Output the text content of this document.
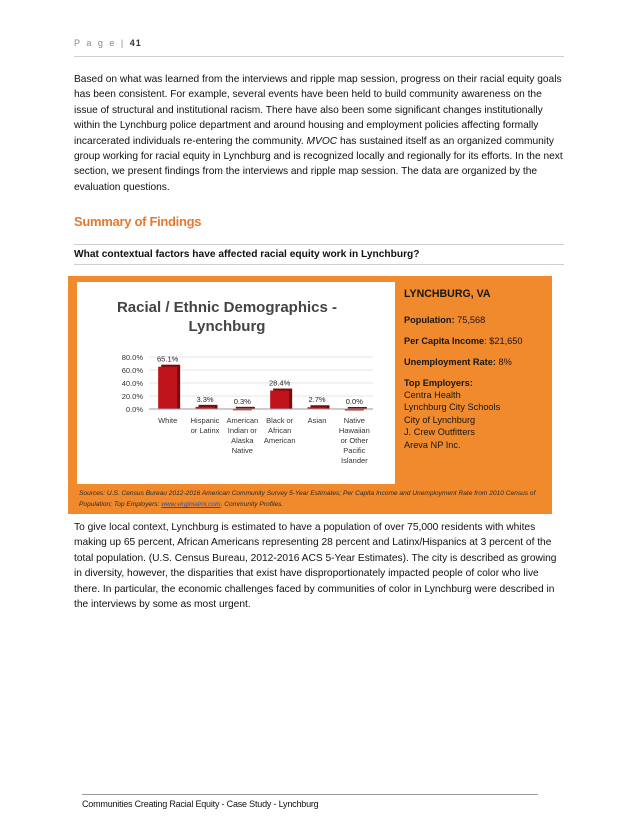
P a g e | 41

Based on what was learned from the interviews and ripple map session, progress on their racial equity goals has been consistent. For example, several events have been held to build community awareness on the issue of structural and institutional racism. There have also been some significant changes institutionally within the Lynchburg police department and around housing and employment policies affecting formally incarcerated individuals re-entering the community. MVOC has sustained itself as an organized community group working for racial equity in Lynchburg and is recognized locally and regionally for its efforts. In the next section, we present findings from the interviews and ripple map session. The data are organized by the evaluation questions.

Summary of Findings

What contextual factors have affected racial equity work in Lynchburg?

Racial / Ethnic Demographics -
Lynchburg
0.0%
20.0%
40.0%
60.0%
80.0% 65.1%
White
3.3%
Hispanic
or Latinx
0.3%
American
Indian or
Alaska
Native
28.4%
Black or
African
American
2.7%
Asian
0.0%
Native
Hawaiian
or Other
Pacific
Islander
LYNCHBURG, VA
Population: 75,568
Per Capita Income: $21,650
Unemployment Rate: 8%
Top Employers:
Centra Health
Lynchburg City Schools
City of Lynchburg
J. Crew Outfitters
Areva NP Inc.
Sources: U.S. Census Bureau 2012-2016 American Community Survey 5-Year Estimates; Per Capita Income and Unemployment Rate from 2010 Census of Population; Top Employers: www.virginialmi.com. Community Profiles.

To give local context, Lynchburg is estimated to have a population of over 75,000 residents with whites making up 65 percent, African Americans representing 28 percent and Latinx/Hispanics at 3 percent of the total population. (U.S. Census Bureau, 2012-2016 ACS 5-Year Estimates). The city is described as growing in diversity, however, the disparities that exist have disproportionately impacted people of color who live there. In particular, the economic challenges faced by communities of color in Lynchburg were described in the interviews by some as most urgent.

Communities Creating Racial Equity - Case Study - Lynchburg
